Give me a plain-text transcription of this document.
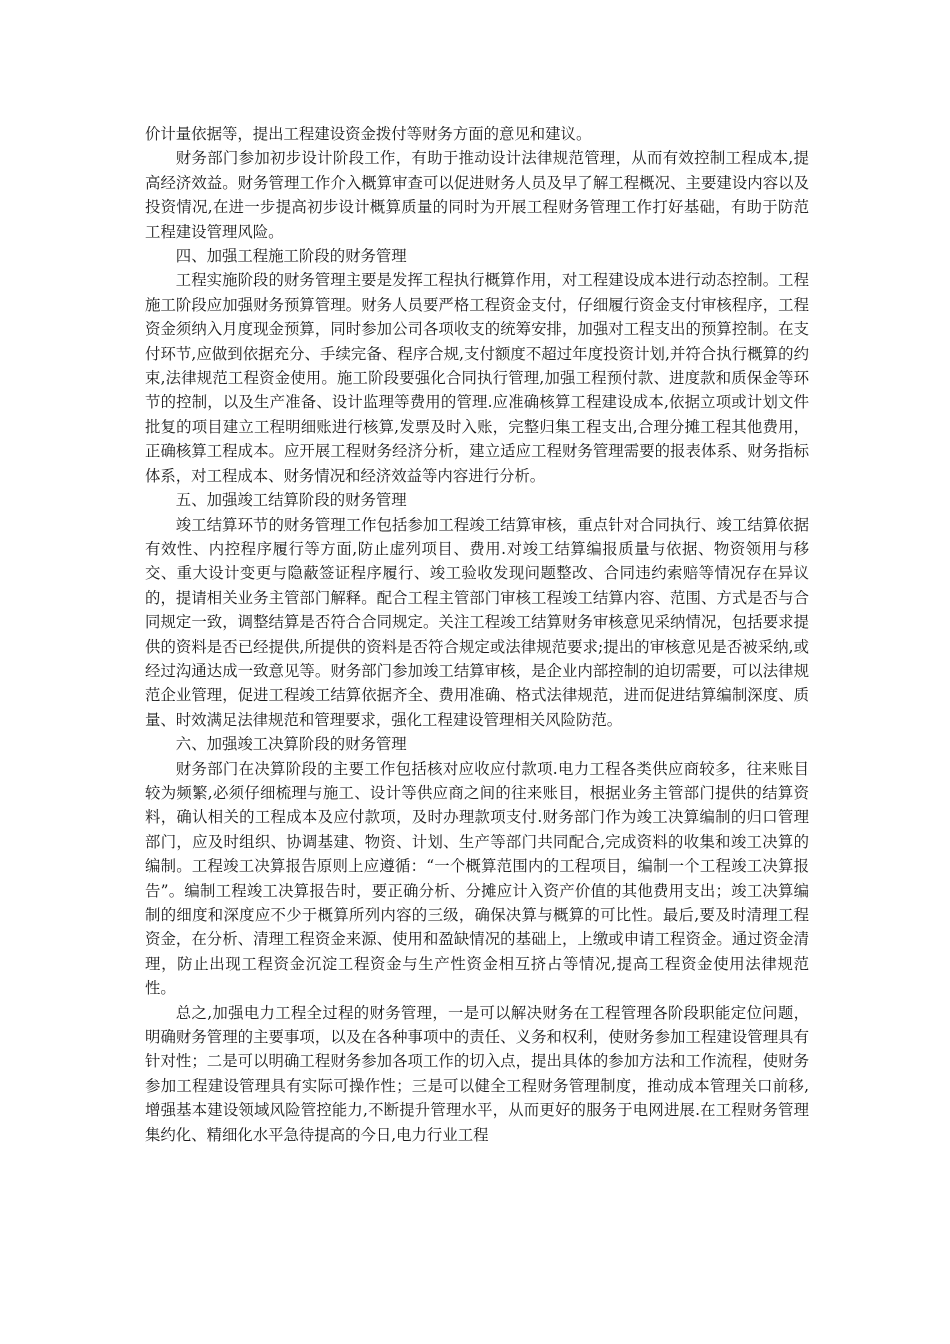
价计量依据等，提出工程建设资金拨付等财务方面的意见和建议。

财务部门参加初步设计阶段工作，有助于推动设计法律规范管理，从而有效控制工程成本,提高经济效益。财务管理工作介入概算审查可以促进财务人员及早了解工程概况、主要建设内容以及投资情况,在进一步提高初步设计概算质量的同时为开展工程财务管理工作打好基础，有助于防范工程建设管理风险。

四、加强工程施工阶段的财务管理

工程实施阶段的财务管理主要是发挥工程执行概算作用，对工程建设成本进行动态控制。工程施工阶段应加强财务预算管理。财务人员要严格工程资金支付，仔细履行资金支付审核程序，工程资金须纳入月度现金预算，同时参加公司各项收支的统筹安排，加强对工程支出的预算控制。在支付环节,应做到依据充分、手续完备、程序合规,支付额度不超过年度投资计划,并符合执行概算的约束,法律规范工程资金使用。施工阶段要强化合同执行管理,加强工程预付款、进度款和质保金等环节的控制，以及生产准备、设计监理等费用的管理.应准确核算工程建设成本,依据立项或计划文件批复的项目建立工程明细账进行核算,发票及时入账，完整归集工程支出,合理分摊工程其他费用，正确核算工程成本。应开展工程财务经济分析，建立适应工程财务管理需要的报表体系、财务指标体系，对工程成本、财务情况和经济效益等内容进行分析。

五、加强竣工结算阶段的财务管理

竣工结算环节的财务管理工作包括参加工程竣工结算审核，重点针对合同执行、竣工结算依据有效性、内控程序履行等方面,防止虚列项目、费用.对竣工结算编报质量与依据、物资领用与移交、重大设计变更与隐蔽签证程序履行、竣工验收发现问题整改、合同违约索赔等情况存在异议的，提请相关业务主管部门解释。配合工程主管部门审核工程竣工结算内容、范围、方式是否与合同规定一致，调整结算是否符合合同规定。关注工程竣工结算财务审核意见采纳情况，包括要求提供的资料是否已经提供,所提供的资料是否符合规定或法律规范要求;提出的审核意见是否被采纳,或经过沟通达成一致意见等。财务部门参加竣工结算审核，是企业内部控制的迫切需要，可以法律规范企业管理，促进工程竣工结算依据齐全、费用准确、格式法律规范，进而促进结算编制深度、质量、时效满足法律规范和管理要求，强化工程建设管理相关风险防范。

六、加强竣工决算阶段的财务管理

财务部门在决算阶段的主要工作包括核对应收应付款项.电力工程各类供应商较多，往来账目较为频繁,必须仔细梳理与施工、设计等供应商之间的往来账目，根据业务主管部门提供的结算资料，确认相关的工程成本及应付款项，及时办理款项支付.财务部门作为竣工决算编制的归口管理部门，应及时组织、协调基建、物资、计划、生产等部门共同配合,完成资料的收集和竣工决算的编制。工程竣工决算报告原则上应遵循：“一个概算范围内的工程项目，编制一个工程竣工决算报告”。编制工程竣工决算报告时，要正确分析、分摊应计入资产价值的其他费用支出；竣工决算编制的细度和深度应不少于概算所列内容的三级，确保决算与概算的可比性。最后,要及时清理工程资金，在分析、清理工程资金来源、使用和盈缺情况的基础上，上缴或申请工程资金。通过资金清理，防止出现工程资金沉淀工程资金与生产性资金相互挤占等情况,提高工程资金使用法律规范性。

总之,加强电力工程全过程的财务管理，一是可以解决财务在工程管理各阶段职能定位问题，明确财务管理的主要事项，以及在各种事项中的责任、义务和权利，使财务参加工程建设管理具有针对性；二是可以明确工程财务参加各项工作的切入点，提出具体的参加方法和工作流程，使财务参加工程建设管理具有实际可操作性；三是可以健全工程财务管理制度，推动成本管理关口前移,增强基本建设领域风险管控能力,不断提升管理水平，从而更好的服务于电网进展.在工程财务管理集约化、精细化水平急待提高的今日,电力行业工程
